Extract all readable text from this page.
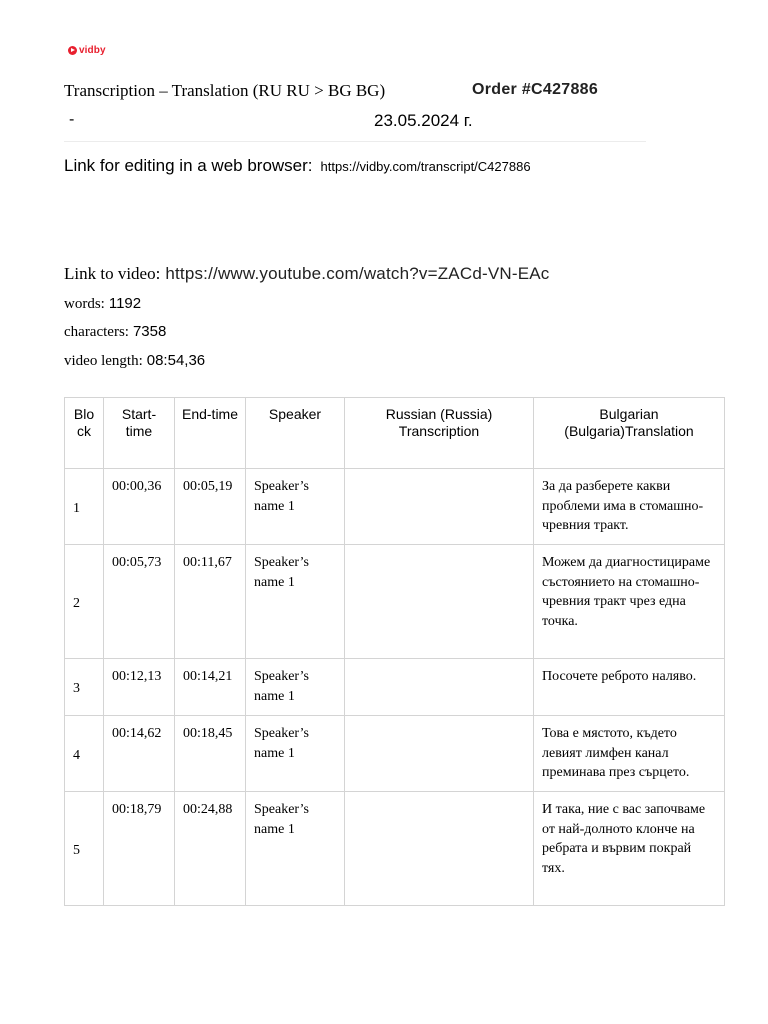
vidby
Transcription – Translation (RU RU > BG BG)	Order #C427886
-	23.05.2024 г.
Link for editing in a web browser: https://vidby.com/transcript/C427886
Link to video: https://www.youtube.com/watch?v=ZACd-VN-EAc
words: 1192
characters: 7358
video length: 08:54,36
Block	Start-time	End-time	Speaker	Russian (Russia) Transcription	Bulgarian (Bulgaria)Translation
1	00:00,36	00:05,19	Speaker’s name 1		За да разберете какви проблеми има в стомашно-чревния тракт.
2	00:05,73	00:11,67	Speaker’s name 1		Можем да диагностицираме състоянието на стомашно-чревния тракт чрез една точка.
3	00:12,13	00:14,21	Speaker’s name 1		Посочете реброто наляво.
4	00:14,62	00:18,45	Speaker’s name 1		Това е мястото, където левият лимфен канал преминава през сърцето.
5	00:18,79	00:24,88	Speaker’s name 1		И така, ние с вас започваме от най-долното клонче на ребрата и вървим покрай тях.
